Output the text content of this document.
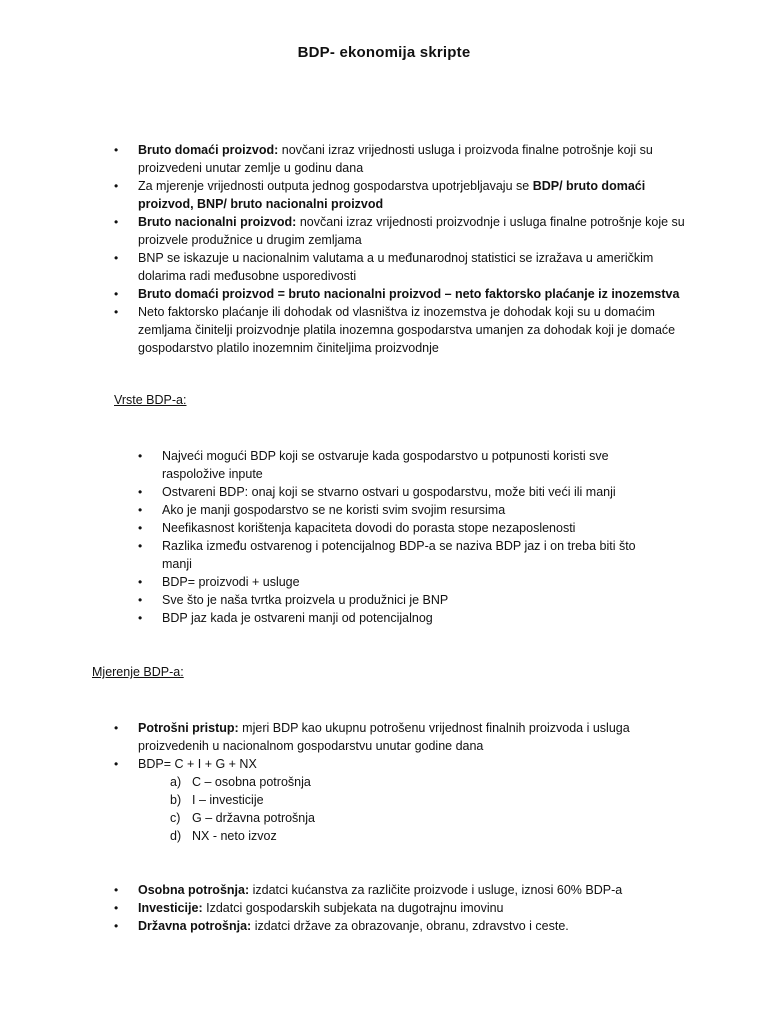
BDP- ekonomija skripte
• Bruto domaći proizvod: novčani izraz vrijednosti usluga i proizvoda finalne potrošnje koji su proizvedeni unutar zemlje u godinu dana
• Za mjerenje vrijednosti outputa jednog gospodarstva upotrjebljavaju se BDP/ bruto domaći proizvod, BNP/ bruto nacionalni proizvod
• Bruto nacionalni proizvod: novčani izraz vrijednosti proizvodnje i usluga finalne potrošnje koje su proizvele produžnice u drugim zemljama
• BNP se iskazuje u nacionalnim valutama a u međunarodnoj statistici se izražava u američkim dolarima radi međusobne usporedivosti
• Bruto domaći proizvod = bruto nacionalni proizvod – neto faktorsko plaćanje iz inozemstva
• Neto faktorsko plaćanje ili dohodak od vlasništva iz inozemstva je dohodak koji su u domaćim zemljama činitelji proizvodnje platila inozemna gospodarstva umanjen za dohodak koji je domaće gospodarstvo platilo inozemnim činiteljima proizvodnje
Vrste BDP-a:
• Najveći mogući BDP koji se ostvaruje kada gospodarstvo u potpunosti koristi sve raspoložive inpute
• Ostvareni BDP: onaj koji se stvarno ostvari u gospodarstvu, može biti veći ili manji
• Ako je manji gospodarstvo se ne koristi svim svojim resursima
• Neefikasnost korištenja kapaciteta dovodi do porasta stope nezaposlenosti
• Razlika između ostvarenog i potencijalnog BDP-a se naziva BDP jaz i on treba biti što manji
• BDP= proizvodi + usluge
• Sve što je naša tvrtka proizvela u produžnici je BNP
• BDP jaz kada je ostvareni manji od potencijalnog
Mjerenje BDP-a:
• Potrošni pristup: mjeri BDP kao ukupnu potrošenu vrijednost finalnih proizvoda i usluga proizvedenih u nacionalnom gospodarstvu unutar godine dana
• BDP= C + I + G + NX
a) C – osobna potrošnja
b) I – investicije
c) G – državna potrošnja
d) NX - neto izvoz
• Osobna potrošnja: izdatci kućanstva za različite proizvode i usluge, iznosi 60% BDP-a
• Investicije: Izdatci gospodarskih subjekata na dugotrajnu imovinu
• Državna potrošnja: izdatci države za obrazovanje, obranu, zdravstvo i ceste.
